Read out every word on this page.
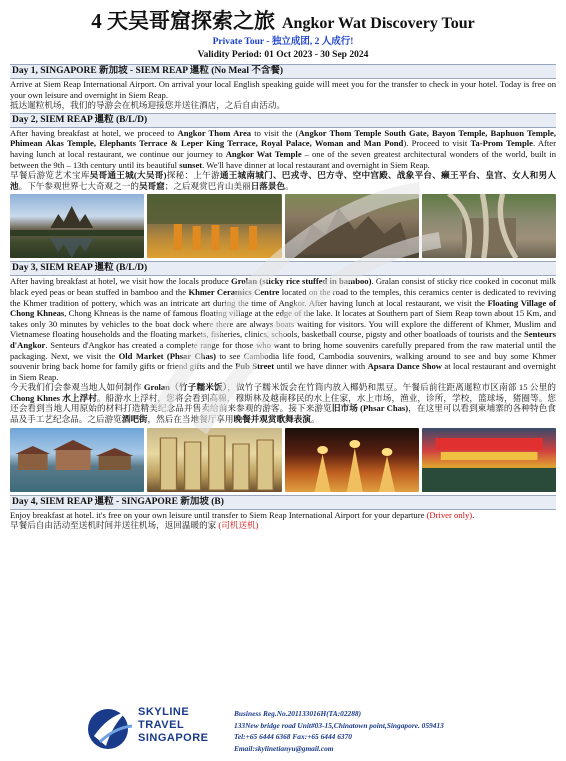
4 天吴哥窟探索之旅 Angkor Wat Discovery Tour
Private Tour - 独立成团, 2 人成行!
Validity Period: 01 Oct 2023 - 30 Sep 2024
Day 1, SINGAPORE 新加坡 - SIEM REAP 暹粒 (No Meal 不含餐)
Arrive at Siem Reap International Airport. On arrival your local English speaking guide will meet you for the transfer to check in your hotel. Today is free on your own leisure and overnight in Siem Reap.
抵达暹粒机场，我们的导游会在机场迎接您并送往酒店，之后自由活动。
Day 2, SIEM REAP 暹粒 (B/L/D)
After having breakfast at hotel, we proceed to Angkor Thom Area to visit the (Angkor Thom Temple South Gate, Bayon Temple, Baphuon Temple, Phimean Akas Temple, Elephants Terrace & Leper King Terrace, Royal Palace, Woman and Man Pond). Proceed to visit Ta-Prom Temple. After having lunch at local restaurant, we continue our journey to Angkor Wat Temple – one of the seven greatest architectural wonders of the world, built in between the 9th – 13th century until its beautiful sunset. We'll have dinner at local restaurant and overnight in Siem Reap.
早餐后游览艺术宝库吴哥通王城(大吴哥)探秘：上午游通王城南城门、巴戎寺、巴方寺、空中宫殿、战象平台、癞王平台、皇宫、女人和男人池。下午参观世界七大奇观之一的吴哥窟；之后观赏巴肯山美丽日落景色。
Day 3, SIEM REAP 暹粒 (B/L/D)
After having breakfast at hotel, we visit how the locals produce Grolan (sticky rice stuffed in bamboo). Gralan consist of sticky rice cooked in coconut milk black eyed peas or bean stuffed in bamboo and the Khmer Ceramics Centre located on the road to the temples, this ceramics center is dedicated to reviving the Khmer tradition of pottery, which was an intricate art during the time of Angkor. After having lunch at local restaurant, we visit the Floating Village of Chong Khneas, Chong Khneas is the name of famous floating village at the edge of the lake. It locates at Southern part of Siem Reap town about 15 Km, and takes only 30 minutes by vehicles to the boat dock where there are always boats waiting for visitors. You will explore the different of Khmer, Muslim and Vietnamese floating households and the floating markets, fisheries, clinics, schools, basketball course, pigsty and other boatloads of tourists and the Senteurs d'Angkor. Senteurs d'Angkor has created a complete range for those who want to bring home souvenirs carefully prepared from the raw material until the packaging. Next, we visit the Old Market (Phsar Chas) to see Cambodia life food, Cambodia souvenirs, walking around to see and buy some Khmer souvenir bring back home for family gifts or friend gifts and the Pub Street until we have dinner with Apsara Dance Show at local restaurant and overnight in Siem Reap.
今天我们们会参观当地人如何制作 Grolan（竹子糯米饭），做竹子糯米饭会在竹筒内放入椰奶和黑豆。午餐后前往距离暹粒市区南部 15 公里的 Chong Khnes 水上浮村。船游水上浮村，您将会看到高棉，穆斯林及越南移民的水上住家，水上市场，渔业，诊所，学校，篮球场，猪圈等。您还会看到当地人用原始的材料打造精美纪念品并售卖给前来参观的游客。接下来游览旧市场 (Phsar Chas)，在这里可以看到柬埔寨的各种特色食品及手工艺纪念品。之后游览酒吧街，然后在当地餐厅享用晚餐并观赏歌舞表演。
Day 4, SIEM REAP 暹粒 - SINGAPORE 新加坡 (B)
Enjoy breakfast at hotel. it's free on your own leisure until transfer to Siem Reap International Airport for your departure (Driver only).
早餐后自由活动至送机时间并送往机场，返回温暖的家 (司机送机)
SKYLINE
TRAVEL
SINGAPORE
Business Reg.No.201133016H(TA:02288)
133New bridge road Unit#03-15,Chinatown point,Singapore. 059413
Tel:+65 6444 6368 Fax:+65 6444 6370
Email:skylinetianyu@gmail.com
